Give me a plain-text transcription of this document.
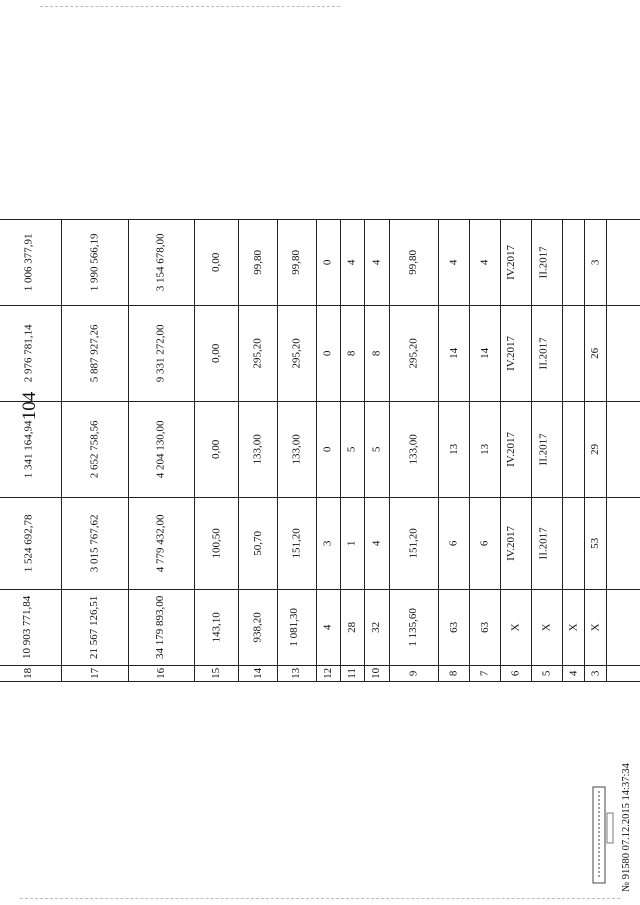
104
		3	4	5	6	7	8	9	10	11	12	13	14	15	16	17	18			
		X	X	X	X	63	63	1 135,60	32	28	4	1 081,30	938,20	143,10	34 179 893,00	21 567 126,51	10 903 771,84			
		53		II.2017	IV.2017	6	6	151,20	4	1	3	151,20	50,70	100,50	4 779 432,00	3 015 767,62	1 524 692,78			
		29		II.2017	IV.2017	13	13	133,00	5	5	0	133,00	133,00	0,00	4 204 130,00	2 652 758,56	1 341 164,94			
		26		II.2017	IV.2017	14	14	295,20	8	8	0	295,20	295,20	0,00	9 331 272,00	5 887 927,26	2 976 781,14			
		3		II.2017	IV.2017	4	4	99,80	4	4	0	99,80	99,80	0,00	3 154 678,00	1 990 566,19	1 006 377,91			
№ 91580 07.12.2015 14:37:34
